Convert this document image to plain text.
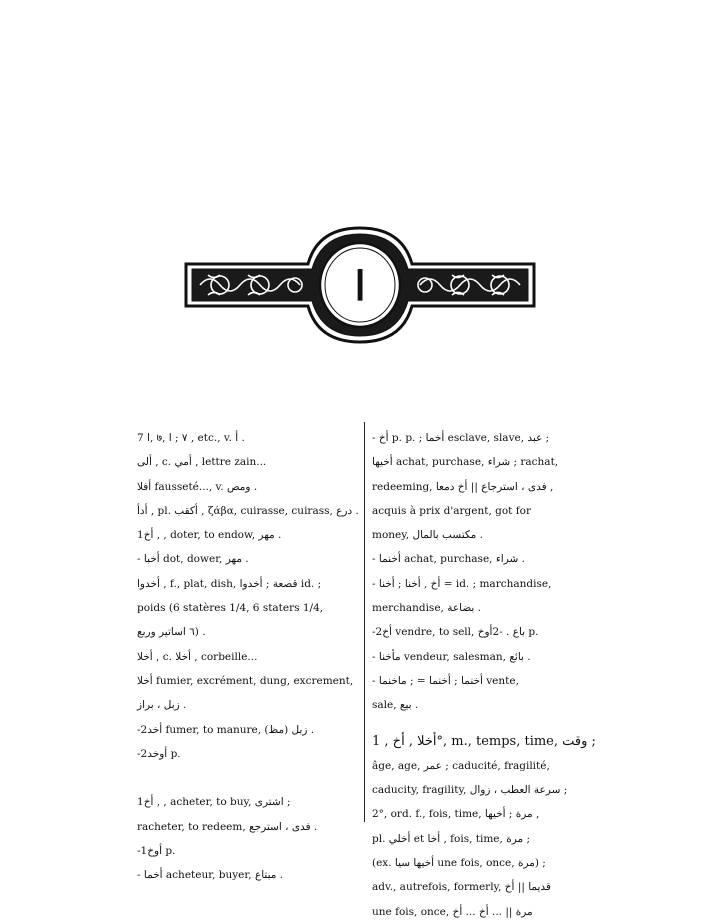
ا
ا 7, ७, ٧ ; ا , etc., v. أ .
ألى , c. أمي , lettre zain...
أفلا fausseté..., v. ومص .
أدأ , pl. أكقب , ζάβα, cuirasse, cuirass, درع .
1أخ , , doter, to endow, مهر .
- أخبا dot, dower, مهر .
أخدوا , f., plat, dish, قصعة ; أخدوا id. ;
poids (6 statères 1/4, 6 staters 1/4,
٦ اساتير وربع) .
أخلا , c. أخلا , corbeille...
أخلا fumier, excrément, dung, excrement,
زبل ، براز .
-2أخد fumer, to manure, (مظ) زبل .
-2أوخد p.
1أخ , , acheter, to buy, اشترى ;
racheter, to redeem, فدى ، استرجع .
-1أوخ p.
- أخما acheteur, buyer, مبتاع .
- أخ p. p. ; أخما esclave, slave, عبد ;
أخيها achat, purchase, شراء ; rachat,
redeeming, فدى ، استرجاع || أخ دمعا ,
acquis à prix d'argent, got for
money, مكتسب بالمال .
- أخنما achat, purchase, شراء .
- أخ , أخنا ; أخنا = id. ; marchandise,
merchandise, بضاعة .
-2أخ vendre, to sell, باع . -2أوخ p.
- مأخنا vendeur, salesman, بائع .
- أخنما ; أخنما = ; ماخنما vente,
sale, بيع .
أخلا , أخ , 1°, m., temps, time, وقت ;
âge, age, عمر ; caducité, fragilité,
caducity, fragility, سرعة العطب ، زوال ;
2°, ord. f., fois, time, مرة ; أخيها ,
pl. أخلي et أخا , fois, time, مرة ;
(ex. أخيها سيا une fois, once, مرة) ;
adv., autrefois, formerly, قديما || أخ
une fois, once, مرة || ... أخ ... أخ
